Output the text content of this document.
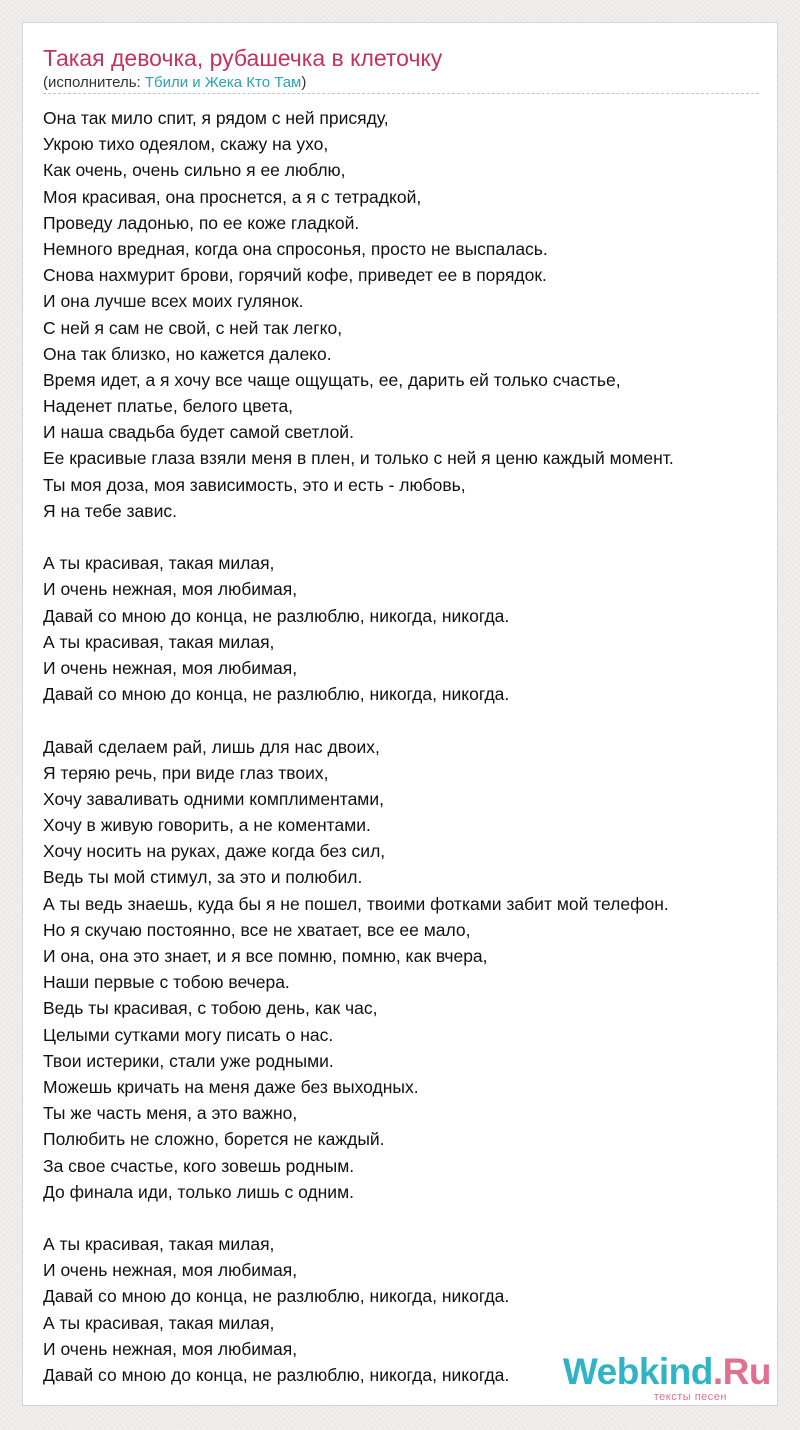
Такая девочка, рубашечка в клеточку
(исполнитель: Тбили и Жека Кто Там)
Она так мило спит, я рядом с ней присяду,
Укрою тихо одеялом, скажу на ухо,
Как очень, очень сильно я ее люблю,
Моя красивая, она проснется, а я с тетрадкой,
Проведу ладонью, по ее коже гладкой.
Немного вредная, когда она спросонья, просто не выспалась.
Снова нахмурит брови, горячий кофе, приведет ее в порядок.
И она лучше всех моих гулянок.
С ней я сам не свой, с ней так легко,
Она так близко, но кажется далеко.
Время идет, а я хочу все чаще ощущать, ее, дарить ей только счастье,
Наденет платье, белого цвета,
И наша свадьба будет самой светлой.
Ее красивые глаза взяли меня в плен, и только с ней я ценю каждый момент.
Ты моя доза, моя зависимость, это и есть - любовь,
Я на тебе завис.
А ты красивая, такая милая,
И очень нежная, моя любимая,
Давай со мною до конца, не разлюблю, никогда, никогда.
А ты красивая, такая милая,
И очень нежная, моя любимая,
Давай со мною до конца, не разлюблю, никогда, никогда.
Давай сделаем рай, лишь для нас двоих,
Я теряю речь, при виде глаз твоих,
Хочу заваливать одними комплиментами,
Хочу в живую говорить, а не коментами.
Хочу носить на руках, даже когда без сил,
Ведь ты мой стимул, за это и полюбил.
А ты ведь знаешь, куда бы я не пошел, твоими фотками забит мой телефон.
Но я скучаю постоянно, все не хватает, все ее мало,
И она, она это знает, и я все помню, помню, как вчера,
Наши первые с тобою вечера.
Ведь ты красивая, с тобою день, как час,
Целыми сутками могу писать о нас.
Твои истерики, стали уже родными.
Можешь кричать на меня даже без выходных.
Ты же часть меня, а это важно,
Полюбить не сложно, борется не каждый.
За свое счастье, кого зовешь родным.
До финала иди, только лишь с одним.
А ты красивая, такая милая,
И очень нежная, моя любимая,
Давай со мною до конца, не разлюблю, никогда, никогда.
А ты красивая, такая милая,
И очень нежная, моя любимая,
Давай со мною до конца, не разлюблю, никогда, никогда.	Webkind.Ru
тексты песен
